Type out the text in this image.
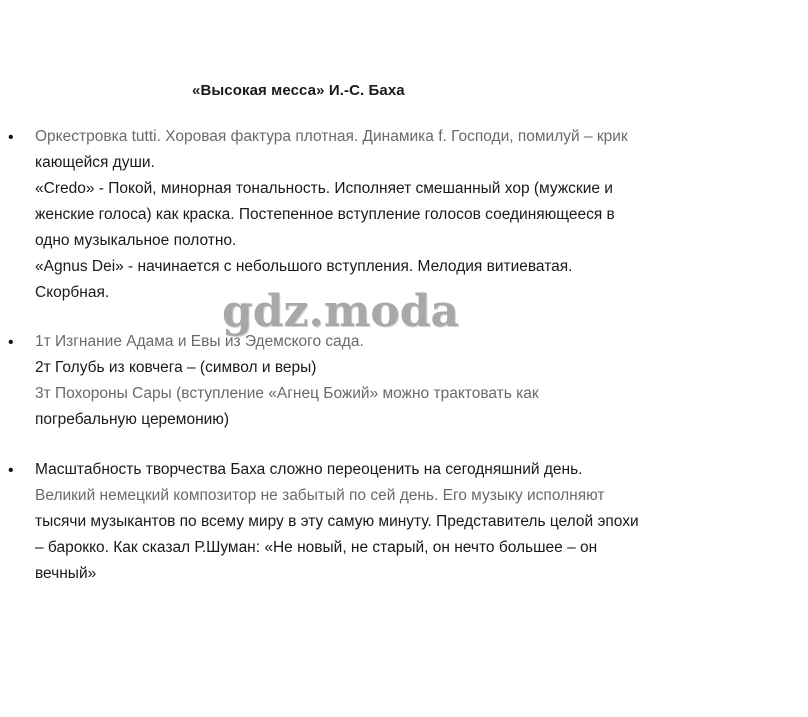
«Высокая месса» И.-С. Баха
• Оркестровка tutti. Хоровая фактура плотная. Динамика f. Господи, помилуй – крик
кающейся души.
«Credo» - Покой, минорная тональность. Исполняет смешанный хор (мужские и
женские голоса) как краска. Постепенное вступление голосов соединяющееся в
одно музыкальное полотно.
«Agnus Dei» - начинается с небольшого вступления. Мелодия витиеватая.
Скорбная.
• 1т Изгнание Адама и Евы из Эдемского сада.
2т Голубь из ковчега – (символ и веры)
3т Похороны Сары (вступление «Агнец Божий» можно трактовать как
погребальную церемонию)
• Масштабность творчества Баха сложно переоценить на сегодняшний день.
Великий немецкий композитор не забытый по сей день. Его музыку исполняют
тысячи музыкантов по всему миру в эту самую минуту. Представитель целой эпохи
– барокко. Как сказал Р.Шуман: «Не новый, не старый, он нечто большее – он
вечный»
gdz.moda
